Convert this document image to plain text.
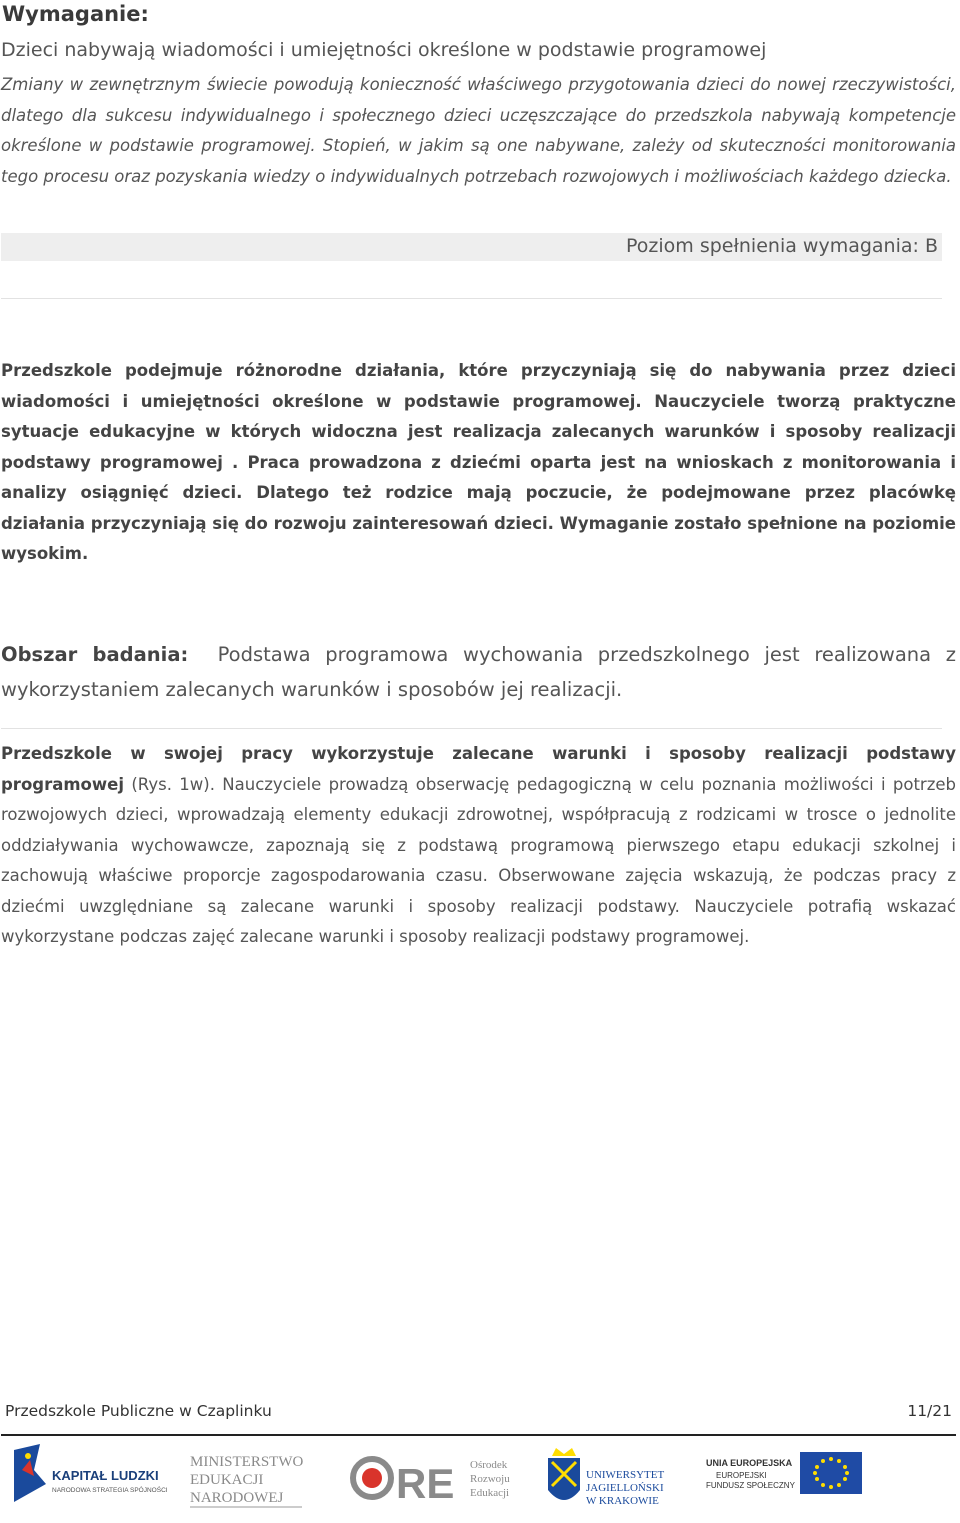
Wymaganie:
Dzieci nabywają wiadomości i umiejętności określone w podstawie programowej

Zmiany w zewnętrznym świecie powodują konieczność właściwego przygotowania dzieci do nowej rzeczywistości, dlatego dla sukcesu indywidualnego i społecznego dzieci uczęszczające do przedszkola nabywają kompetencje określone w podstawie programowej. Stopień, w jakim są one nabywane, zależy od skuteczności monitorowania tego procesu oraz pozyskania wiedzy o indywidualnych potrzebach rozwojowych i możliwościach każdego dziecka.

Poziom spełnienia wymagania: B

Przedszkole podejmuje różnorodne działania, które przyczyniają się do nabywania przez dzieci wiadomości i umiejętności określone w podstawie programowej. Nauczyciele tworzą praktyczne sytuacje edukacyjne w których widoczna jest realizacja zalecanych warunków i sposoby realizacji podstawy programowej . Praca prowadzona z dziećmi oparta jest na wnioskach z monitorowania i analizy osiągnięć dzieci. Dlatego też rodzice mają poczucie, że podejmowane przez placówkę działania przyczyniają się do rozwoju zainteresowań dzieci. Wymaganie zostało spełnione na poziomie wysokim.

Obszar badania: Podstawa programowa wychowania przedszkolnego jest realizowana z wykorzystaniem zalecanych warunków i sposobów jej realizacji.

Przedszkole w swojej pracy wykorzystuje zalecane warunki i sposoby realizacji podstawy programowej (Rys. 1w). Nauczyciele prowadzą obserwację pedagogiczną w celu poznania możliwości i potrzeb rozwojowych dzieci, wprowadzają elementy edukacji zdrowotnej, współpracują z rodzicami w trosce o jednolite oddziaływania wychowawcze, zapoznają się z podstawą programową pierwszego etapu edukacji szkolnej i zachowują właściwe proporcje zagospodarowania czasu. Obserwowane zajęcia wskazują, że podczas pracy z dziećmi uwzględniane są zalecane warunki i sposoby realizacji podstawy. Nauczyciele potrafią wskazać wykorzystane podczas zajęć zalecane warunki i sposoby realizacji podstawy programowej.

Przedszkole Publiczne w Czaplinku	11/21
KAPITAŁ LUDZKI
NARODOWA STRATEGIA SPÓJNOŚCI
MINISTERSTWO
EDUKACJI
NARODOWEJ	RE Ośrodek
Rozwoju
Edukacji
UNIWERSYTET
JAGIELLOŃSKI
W KRAKOWIE
UNIA EUROPEJSKA
EUROPEJSKI
FUNDUSZ SPOŁECZNY
